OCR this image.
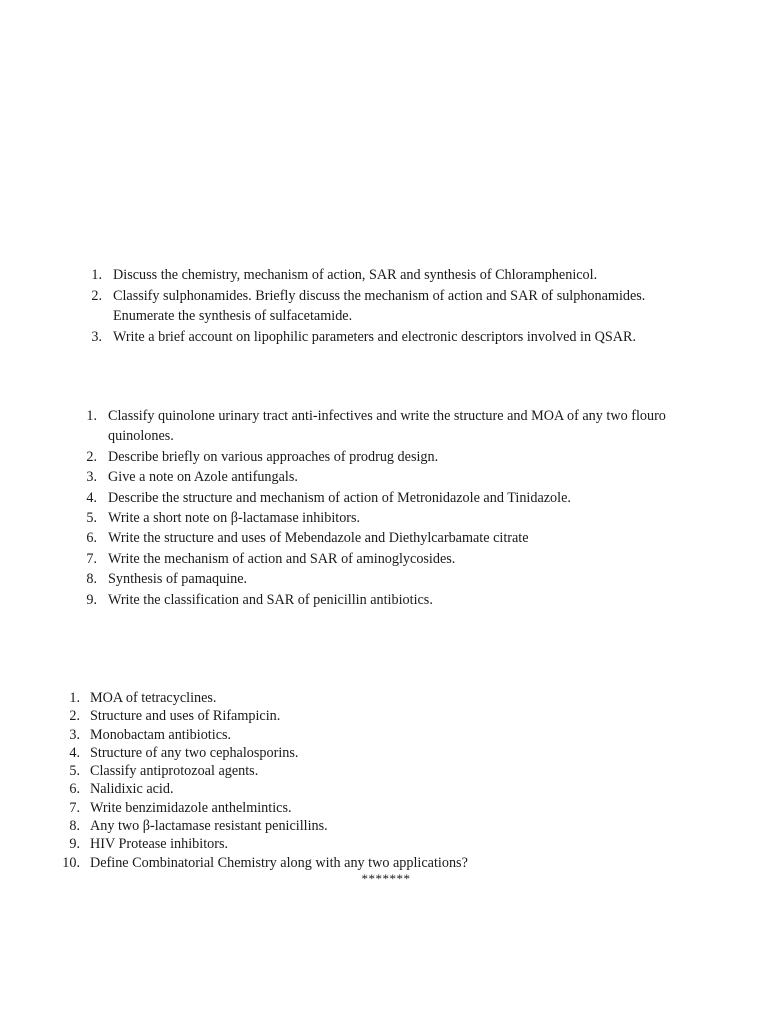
1. Discuss the chemistry, mechanism of action, SAR and synthesis of Chloramphenicol.
2. Classify sulphonamides. Briefly discuss the mechanism of action and SAR of sulphonamides. Enumerate the synthesis of sulfacetamide.
3. Write a brief account on lipophilic parameters and electronic descriptors involved in QSAR.
1. Classify quinolone urinary tract anti-infectives and write the structure and MOA of any two flouro quinolones.
2. Describe briefly on various approaches of prodrug design.
3. Give a note on Azole antifungals.
4. Describe the structure and mechanism of action of Metronidazole and Tinidazole.
5. Write a short note on β-lactamase inhibitors.
6. Write the structure and uses of Mebendazole and Diethylcarbamate citrate
7. Write the mechanism of action and SAR of aminoglycosides.
8. Synthesis of pamaquine.
9. Write the classification and SAR of penicillin antibiotics.
1. MOA of tetracyclines.
2. Structure and uses of Rifampicin.
3. Monobactam antibiotics.
4. Structure of any two cephalosporins.
5. Classify antiprotozoal agents.
6. Nalidixic acid.
7. Write benzimidazole anthelmintics.
8. Any two β-lactamase resistant penicillins.
9. HIV Protease inhibitors.
10. Define Combinatorial Chemistry along with any two applications?
*******
